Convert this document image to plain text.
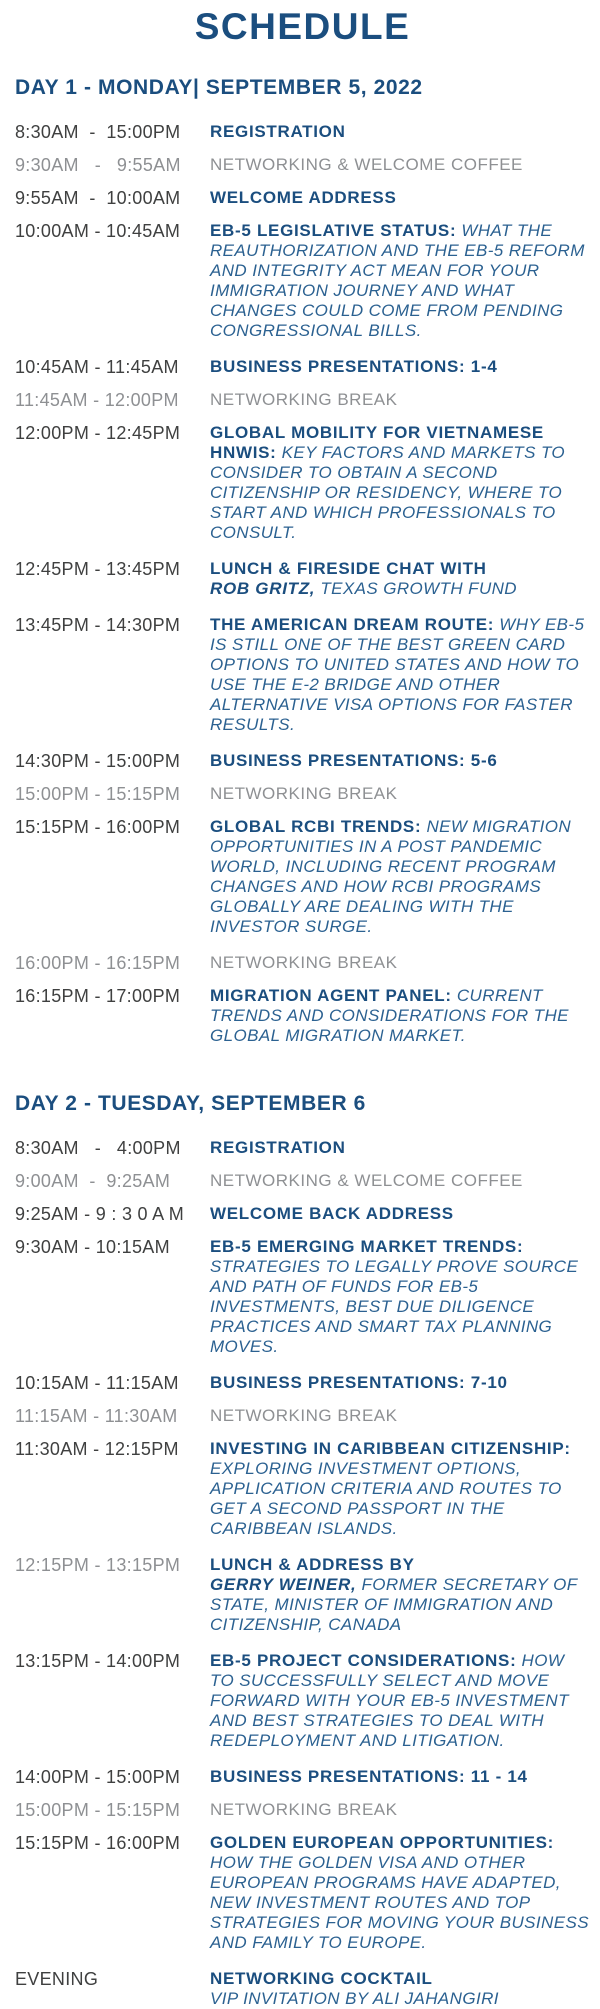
SCHEDULE
DAY 1 - MONDAY| SEPTEMBER 5, 2022
8:30AM  -  15:00PM	REGISTRATION
9:30AM   -   9:55AM	NETWORKING & WELCOME COFFEE
9:55AM  -  10:00AM	WELCOME ADDRESS
10:00AM - 10:45AM	EB-5 LEGISLATIVE STATUS: WHAT THE REAUTHORIZATION AND THE EB-5 REFORM AND INTEGRITY ACT MEAN FOR YOUR IMMIGRATION JOURNEY AND WHAT CHANGES COULD COME FROM PENDING CONGRESSIONAL BILLS.
10:45AM - 11:45AM	BUSINESS PRESENTATIONS: 1-4
11:45AM - 12:00PM	NETWORKING BREAK
12:00PM - 12:45PM	GLOBAL MOBILITY FOR VIETNAMESE HNWIS: KEY FACTORS AND MARKETS TO CONSIDER TO OBTAIN A SECOND CITIZENSHIP OR RESIDENCY, WHERE TO START AND WHICH PROFESSIONALS TO CONSULT.
12:45PM - 13:45PM	LUNCH & FIRESIDE CHAT WITH
ROB GRITZ, TEXAS GROWTH FUND
13:45PM - 14:30PM	THE AMERICAN DREAM ROUTE: WHY EB-5 IS STILL ONE OF THE BEST GREEN CARD OPTIONS TO UNITED STATES AND HOW TO USE THE E-2 BRIDGE AND OTHER ALTERNATIVE VISA OPTIONS FOR FASTER RESULTS.
14:30PM - 15:00PM	BUSINESS PRESENTATIONS: 5-6
15:00PM - 15:15PM	NETWORKING BREAK
15:15PM - 16:00PM	GLOBAL RCBI TRENDS: NEW MIGRATION OPPORTUNITIES IN A POST PANDEMIC WORLD, INCLUDING RECENT PROGRAM CHANGES AND HOW RCBI PROGRAMS GLOBALLY ARE DEALING WITH THE INVESTOR SURGE.
16:00PM - 16:15PM	NETWORKING BREAK
16:15PM - 17:00PM	MIGRATION AGENT PANEL: CURRENT TRENDS AND CONSIDERATIONS FOR THE GLOBAL MIGRATION MARKET.
DAY 2 - TUESDAY, SEPTEMBER 6
8:30AM   -   4:00PM	REGISTRATION
9:00AM  -  9:25AM	NETWORKING & WELCOME COFFEE
9:25AM - 9 : 3 0 A M	WELCOME BACK ADDRESS
9:30AM - 10:15AM	EB-5 EMERGING MARKET TRENDS: STRATEGIES TO LEGALLY PROVE SOURCE AND PATH OF FUNDS FOR EB-5 INVESTMENTS, BEST DUE DILIGENCE PRACTICES AND SMART TAX PLANNING MOVES.
10:15AM - 11:15AM	BUSINESS PRESENTATIONS: 7-10
11:15AM - 11:30AM	NETWORKING BREAK
11:30AM - 12:15PM	INVESTING IN CARIBBEAN CITIZENSHIP: EXPLORING INVESTMENT OPTIONS, APPLICATION CRITERIA AND ROUTES TO GET A SECOND PASSPORT IN THE CARIBBEAN ISLANDS.
12:15PM - 13:15PM	LUNCH & ADDRESS BY
GERRY WEINER, FORMER SECRETARY OF STATE, MINISTER OF IMMIGRATION AND CITIZENSHIP, CANADA
13:15PM - 14:00PM	EB-5 PROJECT CONSIDERATIONS: HOW TO SUCCESSFULLY SELECT AND MOVE FORWARD WITH YOUR EB-5 INVESTMENT AND BEST STRATEGIES TO DEAL WITH REDEPLOYMENT AND LITIGATION.
14:00PM - 15:00PM	BUSINESS PRESENTATIONS: 11 - 14
15:00PM - 15:15PM	NETWORKING BREAK
15:15PM - 16:00PM	GOLDEN EUROPEAN OPPORTUNITIES: HOW THE GOLDEN VISA AND OTHER EUROPEAN PROGRAMS HAVE ADAPTED, NEW INVESTMENT ROUTES AND TOP STRATEGIES FOR MOVING YOUR BUSINESS AND FAMILY TO EUROPE.
EVENING	NETWORKING COCKTAIL
VIP INVITATION BY ALI JAHANGIRI
